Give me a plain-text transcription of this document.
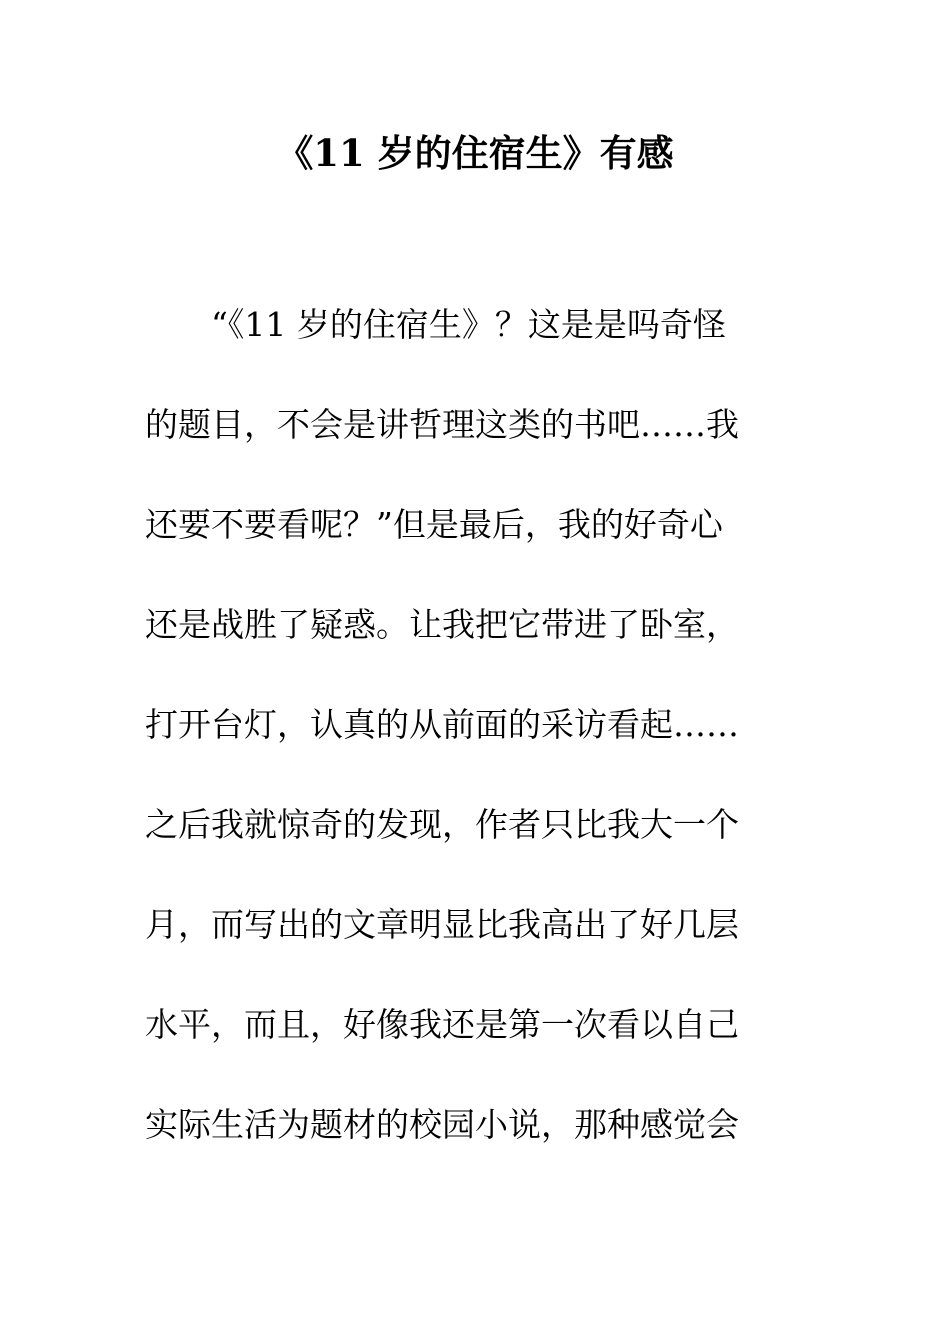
《11 岁的住宿生》有感
　　“《11 岁的住宿生》？这是是吗奇怪
的题目，不会是讲哲理这类的书吧……我
还要不要看呢？”但是最后，我的好奇心
还是战胜了疑惑。让我把它带进了卧室，
打开台灯，认真的从前面的采访看起……
之后我就惊奇的发现，作者只比我大一个
月，而写出的文章明显比我高出了好几层
水平，而且，好像我还是第一次看以自己
实际生活为题材的校园小说，那种感觉会
